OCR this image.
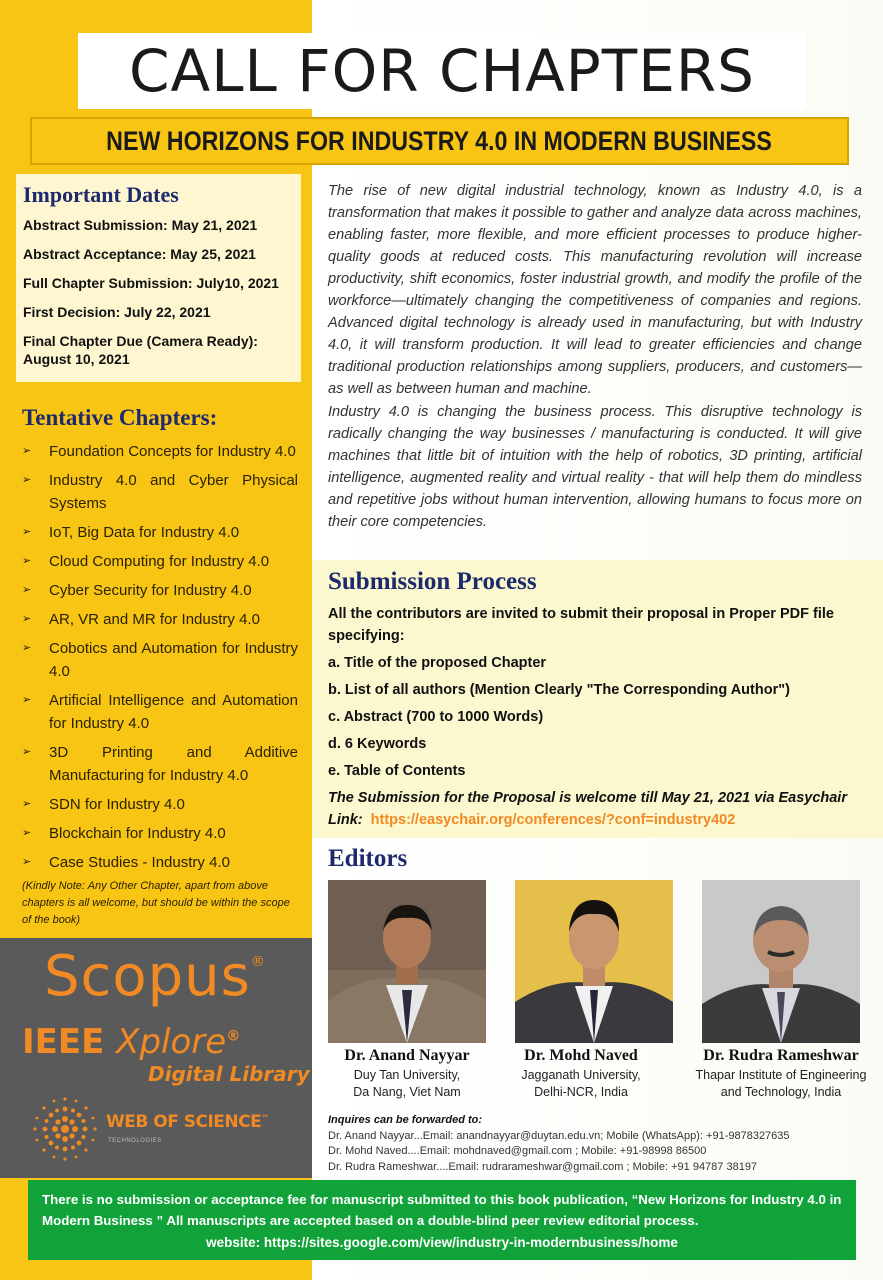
CALL FOR CHAPTERS
NEW HORIZONS FOR INDUSTRY 4.0 IN MODERN BUSINESS
Important Dates
Abstract Submission: May 21, 2021
Abstract Acceptance: May 25, 2021
Full Chapter Submission: July10, 2021
First Decision: July 22, 2021
Final Chapter Due (Camera Ready): August 10, 2021
Tentative Chapters:
➢	Foundation Concepts for Industry 4.0
➢	Industry 4.0 and Cyber Physical Systems
➢	IoT, Big Data for Industry 4.0
➢	Cloud Computing for Industry 4.0
➢	Cyber Security for Industry 4.0
➢	AR, VR and MR for Industry 4.0
➢	Cobotics and Automation for Industry 4.0
➢	Artificial Intelligence and Automation for Industry 4.0
➢	3D Printing and Additive Manufacturing for Industry 4.0
➢	SDN for Industry 4.0
➢	Blockchain for Industry 4.0
➢	Case Studies - Industry 4.0
(Kindly Note: Any Other Chapter, apart from above chapters is all welcome, but should be within the scope of the book)
Scopus®
IEEE Xplore®
Digital Library
WEB OF SCIENCE™
TECHNOLOGIES

The rise of new digital industrial technology, known as Industry 4.0, is a transformation that makes it possible to gather and analyze data across machines, enabling faster, more flexible, and more efficient processes to produce higher-quality goods at reduced costs. This manufacturing revolution will increase productivity, shift economics, foster industrial growth, and modify the profile of the workforce—ultimately changing the competitiveness of companies and regions. Advanced digital technology is already used in manufacturing, but with Industry 4.0, it will transform production. It will lead to greater efficiencies and change traditional production relationships among suppliers, producers, and customers—as well as between human and machine.

Industry 4.0 is changing the business process. This disruptive technology is radically changing the way businesses / manufacturing is conducted. It will give machines that little bit of intuition with the help of robotics, 3D printing, artificial intelligence, augmented reality and virtual reality - that will help them do mindless and repetitive jobs without human intervention, allowing humans to focus more on their core competencies.

Submission Process
All the contributors are invited to submit their proposal in Proper PDF file specifying:
a. Title of the proposed Chapter
b. List of all authors (Mention Clearly "The Corresponding Author")
c. Abstract (700 to 1000 Words)
d. 6 Keywords
e. Table of Contents
The Submission for the Proposal is welcome till May 21, 2021 via Easychair Link: https://easychair.org/conferences/?conf=industry402
Editors
Dr. Anand Nayyar	Dr. Mohd Naved	Dr. Rudra Rameshwar
Duy Tan University,
Da Nang, Viet Nam
Jagganath University,
Delhi-NCR, India
Thapar Institute of Engineering
and Technology, India
Inquires can be forwarded to:
Dr. Anand Nayyar...Email: anandnayyar@duytan.edu.vn; Mobile (WhatsApp): +91-9878327635
Dr. Mohd Naved....Email: mohdnaved@gmail.com ; Mobile: +91-98998 86500
Dr. Rudra Rameshwar....Email: rudrarameshwar@gmail.com ; Mobile: +91 94787 38197
There is no submission or acceptance fee for manuscript submitted to this book publication, “New Horizons for Industry 4.0 in Modern Business ” All manuscripts are accepted based on a double-blind peer review editorial process.
website: https://sites.google.com/view/industry-in-modernbusiness/home
